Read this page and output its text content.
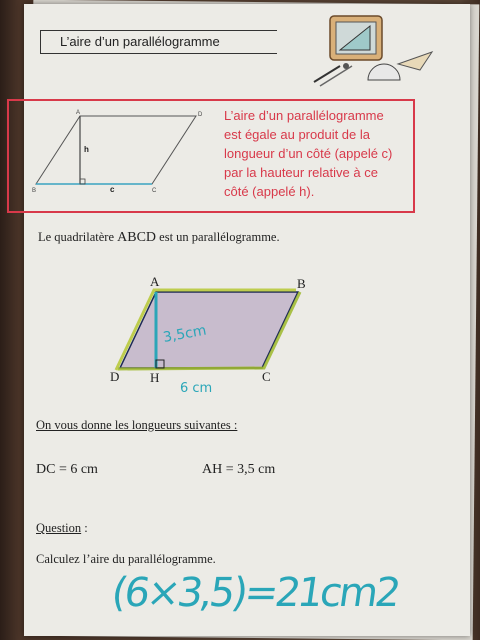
L’aire d’un parallélogramme
B
A	D
C
h
c
L’aire d’un parallélogramme
est égale au produit de la
longueur d’un côté (appelé c)
par la hauteur relative à ce
côté (appelé h).
Le quadrilatère ABCD est un parallélogramme.
A	B
C
D H
3,5cm
6 cm
On vous donne les longueurs suivantes :
DC = 6 cm	AH = 3,5 cm
Question :
Calculez l’aire du parallélogramme.
(6×3,5)=21cm2
